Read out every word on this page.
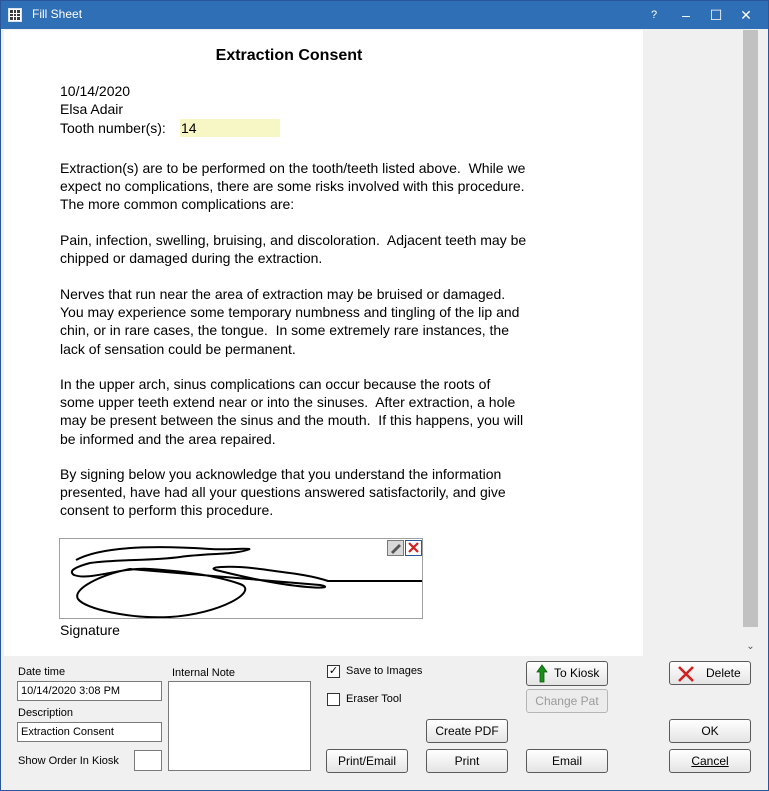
Fill Sheet	?	–	☐	✕
Extraction Consent
10/14/2020
Elsa Adair
Tooth number(s): 14
Extraction(s) are to be performed on the tooth/teeth listed above.  While we
expect no complications, there are some risks involved with this procedure.
The more common complications are:
Pain, infection, swelling, bruising, and discoloration.  Adjacent teeth may be
chipped or damaged during the extraction.
Nerves that run near the area of extraction may be bruised or damaged.
You may experience some temporary numbness and tingling of the lip and
chin, or in rare cases, the tongue.  In some extremely rare instances, the
lack of sensation could be permanent.
In the upper arch, sinus complications can occur because the roots of
some upper teeth extend near or into the sinuses.  After extraction, a hole
may be present between the sinus and the mouth.  If this happens, you will
be informed and the area repaired.
By signing below you acknowledge that you understand the information
presented, have had all your questions answered satisfactorily, and give
consent to perform this procedure.
Signature
⌄
Date time
10/14/2020 3:08 PM
Description
Extraction Consent
Show Order In Kiosk
Internal Note	✓ Save to Images
Eraser Tool
To Kiosk
Change Pat
Create PDF
Print/Email	Print	Email
Delete
OK
Cancel
